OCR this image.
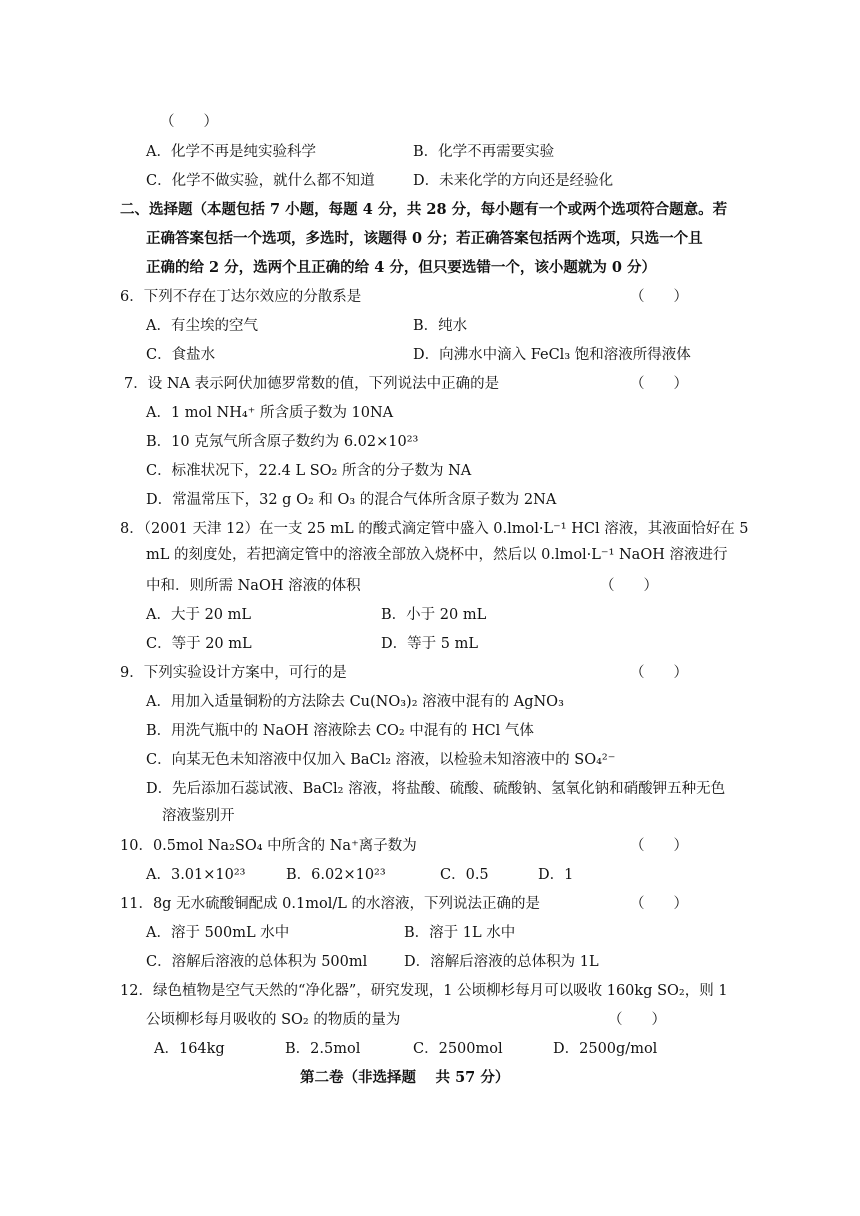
（　　）
A．化学不再是纯实验科学	B．化学不再需要实验
C．化学不做实验，就什么都不知道	D．未来化学的方向还是经验化
二、选择题（本题包括 7 小题，每题 4 分，共 28 分，每小题有一个或两个选项符合题意。若
正确答案包括一个选项，多选时，该题得 0 分；若正确答案包括两个选项，只选一个且
正确的给 2 分，选两个且正确的给 4 分，但只要选错一个，该小题就为 0 分）
6．下列不存在丁达尔效应的分散系是	（　　）
A．有尘埃的空气	B．纯水
C．食盐水	D．向沸水中滴入 FeCl₃ 饱和溶液所得液体
7．设 NA 表示阿伏加德罗常数的值，下列说法中正确的是	（　　）
A．1 mol NH₄⁺ 所含质子数为 10NA
B．10 克氖气所含原子数约为 6.02×10²³
C．标准状况下，22.4 L SO₂ 所含的分子数为 NA
D．常温常压下，32 g O₂ 和 O₃ 的混合气体所含原子数为 2NA
8．（2001 天津 12）在一支 25 mL 的酸式滴定管中盛入 0.lmol·L⁻¹ HCl 溶液，其液面恰好在 5
mL 的刻度处，若把滴定管中的溶液全部放入烧杯中，然后以 0.lmol·L⁻¹ NaOH 溶液进行
中和．则所需 NaOH 溶液的体积	（　　）
A．大于 20 mL	B．小于 20 mL
C．等于 20 mL	D．等于 5 mL
9．下列实验设计方案中，可行的是	（　　）
A．用加入适量铜粉的方法除去 Cu(NO₃)₂ 溶液中混有的 AgNO₃
B．用洗气瓶中的 NaOH 溶液除去 CO₂ 中混有的 HCl 气体
C．向某无色未知溶液中仅加入 BaCl₂ 溶液，以检验未知溶液中的 SO₄²⁻
D．先后添加石蕊试液、BaCl₂ 溶液，将盐酸、硫酸、硫酸钠、氢氧化钠和硝酸钾五种无色
溶液鉴别开
10．0.5mol Na₂SO₄ 中所含的 Na⁺离子数为	（　　）
A．3.01×10²³	B．6.02×10²³	C．0.5	D．1
11．8g 无水硫酸铜配成 0.1mol/L 的水溶液，下列说法正确的是	（　　）
A．溶于 500mL 水中	B．溶于 1L 水中
C．溶解后溶液的总体积为 500ml	D．溶解后溶液的总体积为 1L
12．绿色植物是空气天然的“净化器”，研究发现，1 公顷柳杉每月可以吸收 160kg SO₂，则 1
公顷柳杉每月吸收的 SO₂ 的物质的量为	（　　）
A．164kg	B．2.5mol	C．2500mol	D．2500g/mol
第二卷（非选择题　 共 57 分）
